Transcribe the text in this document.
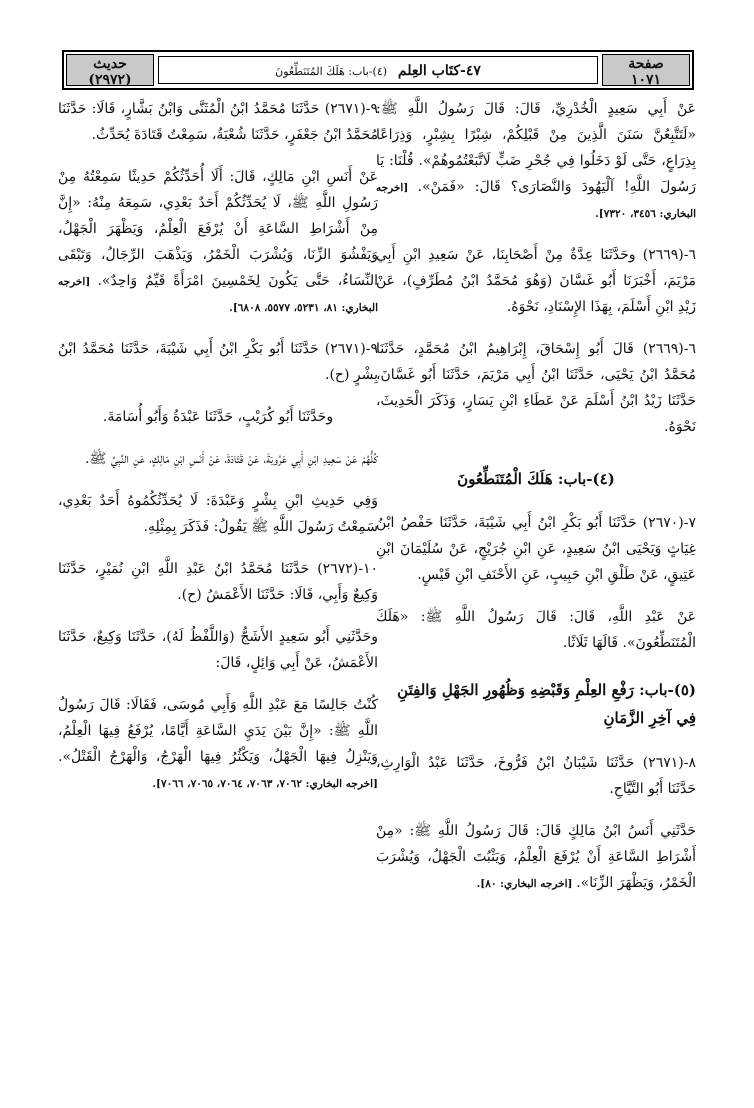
صفحة
١٠٧١
٤٧-كتَاب العِلم (٤)-باب: هَلَكَ المُتَنَطِّعُونَ
حديث
(٢٩٧٢)
عَنْ أَبِي سَعِيدٍ الْخُدْرِيِّ، قَالَ: قَالَ رَسُولُ اللَّهِ ﷺ: «لَتَتَّبِعُنَّ سَنَنَ الَّذِينَ مِنْ قَبْلِكُمْ، شِبْرًا بِشِبْرٍ، وَذِرَاعًا بِذِرَاعٍ، حَتَّى لَوْ دَخَلُوا فِي جُحْرِ ضَبٍّ لَاتَّبَعْتُمُوهُمْ». قُلْنَا: يَا رَسُولَ اللَّهِ! آلْيَهُودَ وَالنَّصَارَى؟ قَالَ: «فَمَنْ». [اخرجه البخاري: ٣٤٥٦، ٧٣٢٠].
٦-(٢٦٦٩) وحَدَّثَنَا عِدَّةٌ مِنْ أَصْحَابِنَا، عَنْ سَعِيدِ ابْنِ أَبِي مَرْيَمَ، أَخْبَرَنَا أَبُو غَسَّانَ (وَهُوَ مُحَمَّدُ ابْنُ مُطَرِّفٍ)، عَنْ زَيْدِ ابْنِ أَسْلَمَ، بِهَذَا الإِسْنَادِ، نَحْوَهُ.
٦-(٢٦٦٩) قَالَ أَبُو إِسْحَاقَ، إِبْرَاهِيمُ ابْنُ مُحَمَّدٍ، حَدَّثَنَا مُحَمَّدُ ابْنُ يَحْيَى، حَدَّثَنَا ابْنُ أَبِي مَرْيَمَ، حَدَّثَنَا أَبُو غَسَّانَ، حَدَّثَنَا زَيْدُ ابْنُ أَسْلَمَ عَنْ عَطَاءِ ابْنِ يَسَارٍ، وَذَكَرَ الْحَدِيثَ، نَحْوَهُ.
(٤)-باب: هَلَكَ الْمُتَنَطِّعُونَ
٧-(٢٦٧٠) حَدَّثَنَا أَبُو بَكْرِ ابْنُ أَبِي شَيْبَةَ، حَدَّثَنَا حَفْصُ ابْنُ غِيَاثٍ وَيَحْيَى ابْنُ سَعِيدٍ، عَنِ ابْنِ جُرَيْجٍ، عَنْ سُلَيْمَانَ ابْنِ عَتِيقٍ، عَنْ طَلْقِ ابْنِ حَبِيبٍ، عَنِ الأَحْنَفِ ابْنِ قَيْسٍ.
عَنْ عَبْدِ اللَّهِ، قَالَ: قَالَ رَسُولُ اللَّهِ ﷺ: «هَلَكَ الْمُتَنَطِّعُونَ». قَالَهَا ثَلَاثًا.
(٥)-باب: رَفْعِ العِلْمِ وَقَبْضِهِ وَظُهُورِ الجَهْلِ وَالفِتَنِ فِي آخِرِ الزَّمَانِ
٨-(٢٦٧١) حَدَّثَنَا شَيْبَانُ ابْنُ فَرُّوخَ، حَدَّثَنَا عَبْدُ الْوَارِثِ، حَدَّثَنَا أَبُو التَّيَّاحِ.
حَدَّثَنِي أَنَسُ ابْنُ مَالِكٍ قَالَ: قَالَ رَسُولُ اللَّهِ ﷺ: «مِنْ أَشْرَاطِ السَّاعَةِ أَنْ يُرْفَعَ الْعِلْمُ، وَيَثْبُتَ الْجَهْلُ، وَيُشْرَبَ الْخَمْرُ، وَيَظْهَرَ الزِّنَا». [اخرجه البخاري: ٨٠].
٩-(٢٦٧١) حَدَّثَنَا مُحَمَّدُ ابْنُ الْمُثَنَّى وَابْنُ بَشَّارٍ، قَالَا: حَدَّثَنَا مُحَمَّدُ ابْنُ جَعْفَرٍ، حَدَّثَنَا شُعْبَةُ، سَمِعْتُ قَتَادَةَ يُحَدِّثُ.
عَنْ أَنَسِ ابْنِ مَالِكٍ، قَالَ: أَلَا أُحَدِّثُكُمْ حَدِيثًا سَمِعْتُهُ مِنْ رَسُولِ اللَّهِ ﷺ، لَا يُحَدِّثُكُمْ أَحَدٌ بَعْدِي، سَمِعَهُ مِنْهُ: «إِنَّ مِنْ أَشْرَاطِ السَّاعَةِ أَنْ يُرْفَعَ الْعِلْمُ، وَيَظْهَرَ الْجَهْلُ، وَيَفْشُوَ الزِّنَا، وَيُشْرَبَ الْخَمْرُ، وَيَذْهَبَ الرِّجَالُ، وَتَبْقَى النِّسَاءُ، حَتَّى يَكُونَ لِخَمْسِينَ امْرَأَةً قَيِّمٌ وَاحِدٌ». [اخرجه البخاري: ٨١، ٥٢٣١، ٥٥٧٧، ٦٨٠٨].
٩-(٢٦٧١) حَدَّثَنَا أَبُو بَكْرِ ابْنُ أَبِي شَيْبَةَ، حَدَّثَنَا مُحَمَّدُ ابْنُ بِشْرٍ (ح).
وحَدَّثَنَا أَبُو كُرَيْبٍ، حَدَّثَنَا عَبْدَةُ وَأَبُو أُسَامَةَ.
كُلُّهُمْ عَنْ سَعِيدِ ابْنِ أَبِي عَرُوبَةَ، عَنْ قَتَادَةَ، عَنْ أَنَسِ ابْنِ مَالِكٍ، عَنِ النَّبِيِّ ﷺ.
وَفِي حَدِيثِ ابْنِ بِشْرٍ وَعَبْدَةَ: لَا يُحَدِّثُكُمُوهُ أَحَدٌ بَعْدِي، سَمِعْتُ رَسُولَ اللَّهِ ﷺ يَقُولُ: فَذَكَرَ بِمِثْلِهِ.
١٠-(٢٦٧٢) حَدَّثَنَا مُحَمَّدُ ابْنُ عَبْدِ اللَّهِ ابْنِ نُمَيْرٍ، حَدَّثَنَا وَكِيعٌ وَأَبِي، قَالَا: حَدَّثَنَا الأَعْمَشُ (ح).
وحَدَّثَنِي أَبُو سَعِيدٍ الأَشَجُّ (وَاللَّفْظُ لَهُ)، حَدَّثَنَا وَكِيعٌ، حَدَّثَنَا الأَعْمَشُ، عَنْ أَبِي وَائِلٍ، قَالَ:
كُنْتُ جَالِسًا مَعَ عَبْدِ اللَّهِ وَأَبِي مُوسَى، فَقَالَا: قَالَ رَسُولُ اللَّهِ ﷺ: «إِنَّ بَيْنَ يَدَيِ السَّاعَةِ أَيَّامًا، يُرْفَعُ فِيهَا الْعِلْمُ، وَيَنْزِلُ فِيهَا الْجَهْلُ، وَيَكْثُرُ فِيهَا الْهَرْجُ، وَالْهَرْجُ الْقَتْلُ». [اخرجه البخاري: ٧٠٦٢، ٧٠٦٣، ٧٠٦٤، ٧٠٦٥، ٧٠٦٦].
